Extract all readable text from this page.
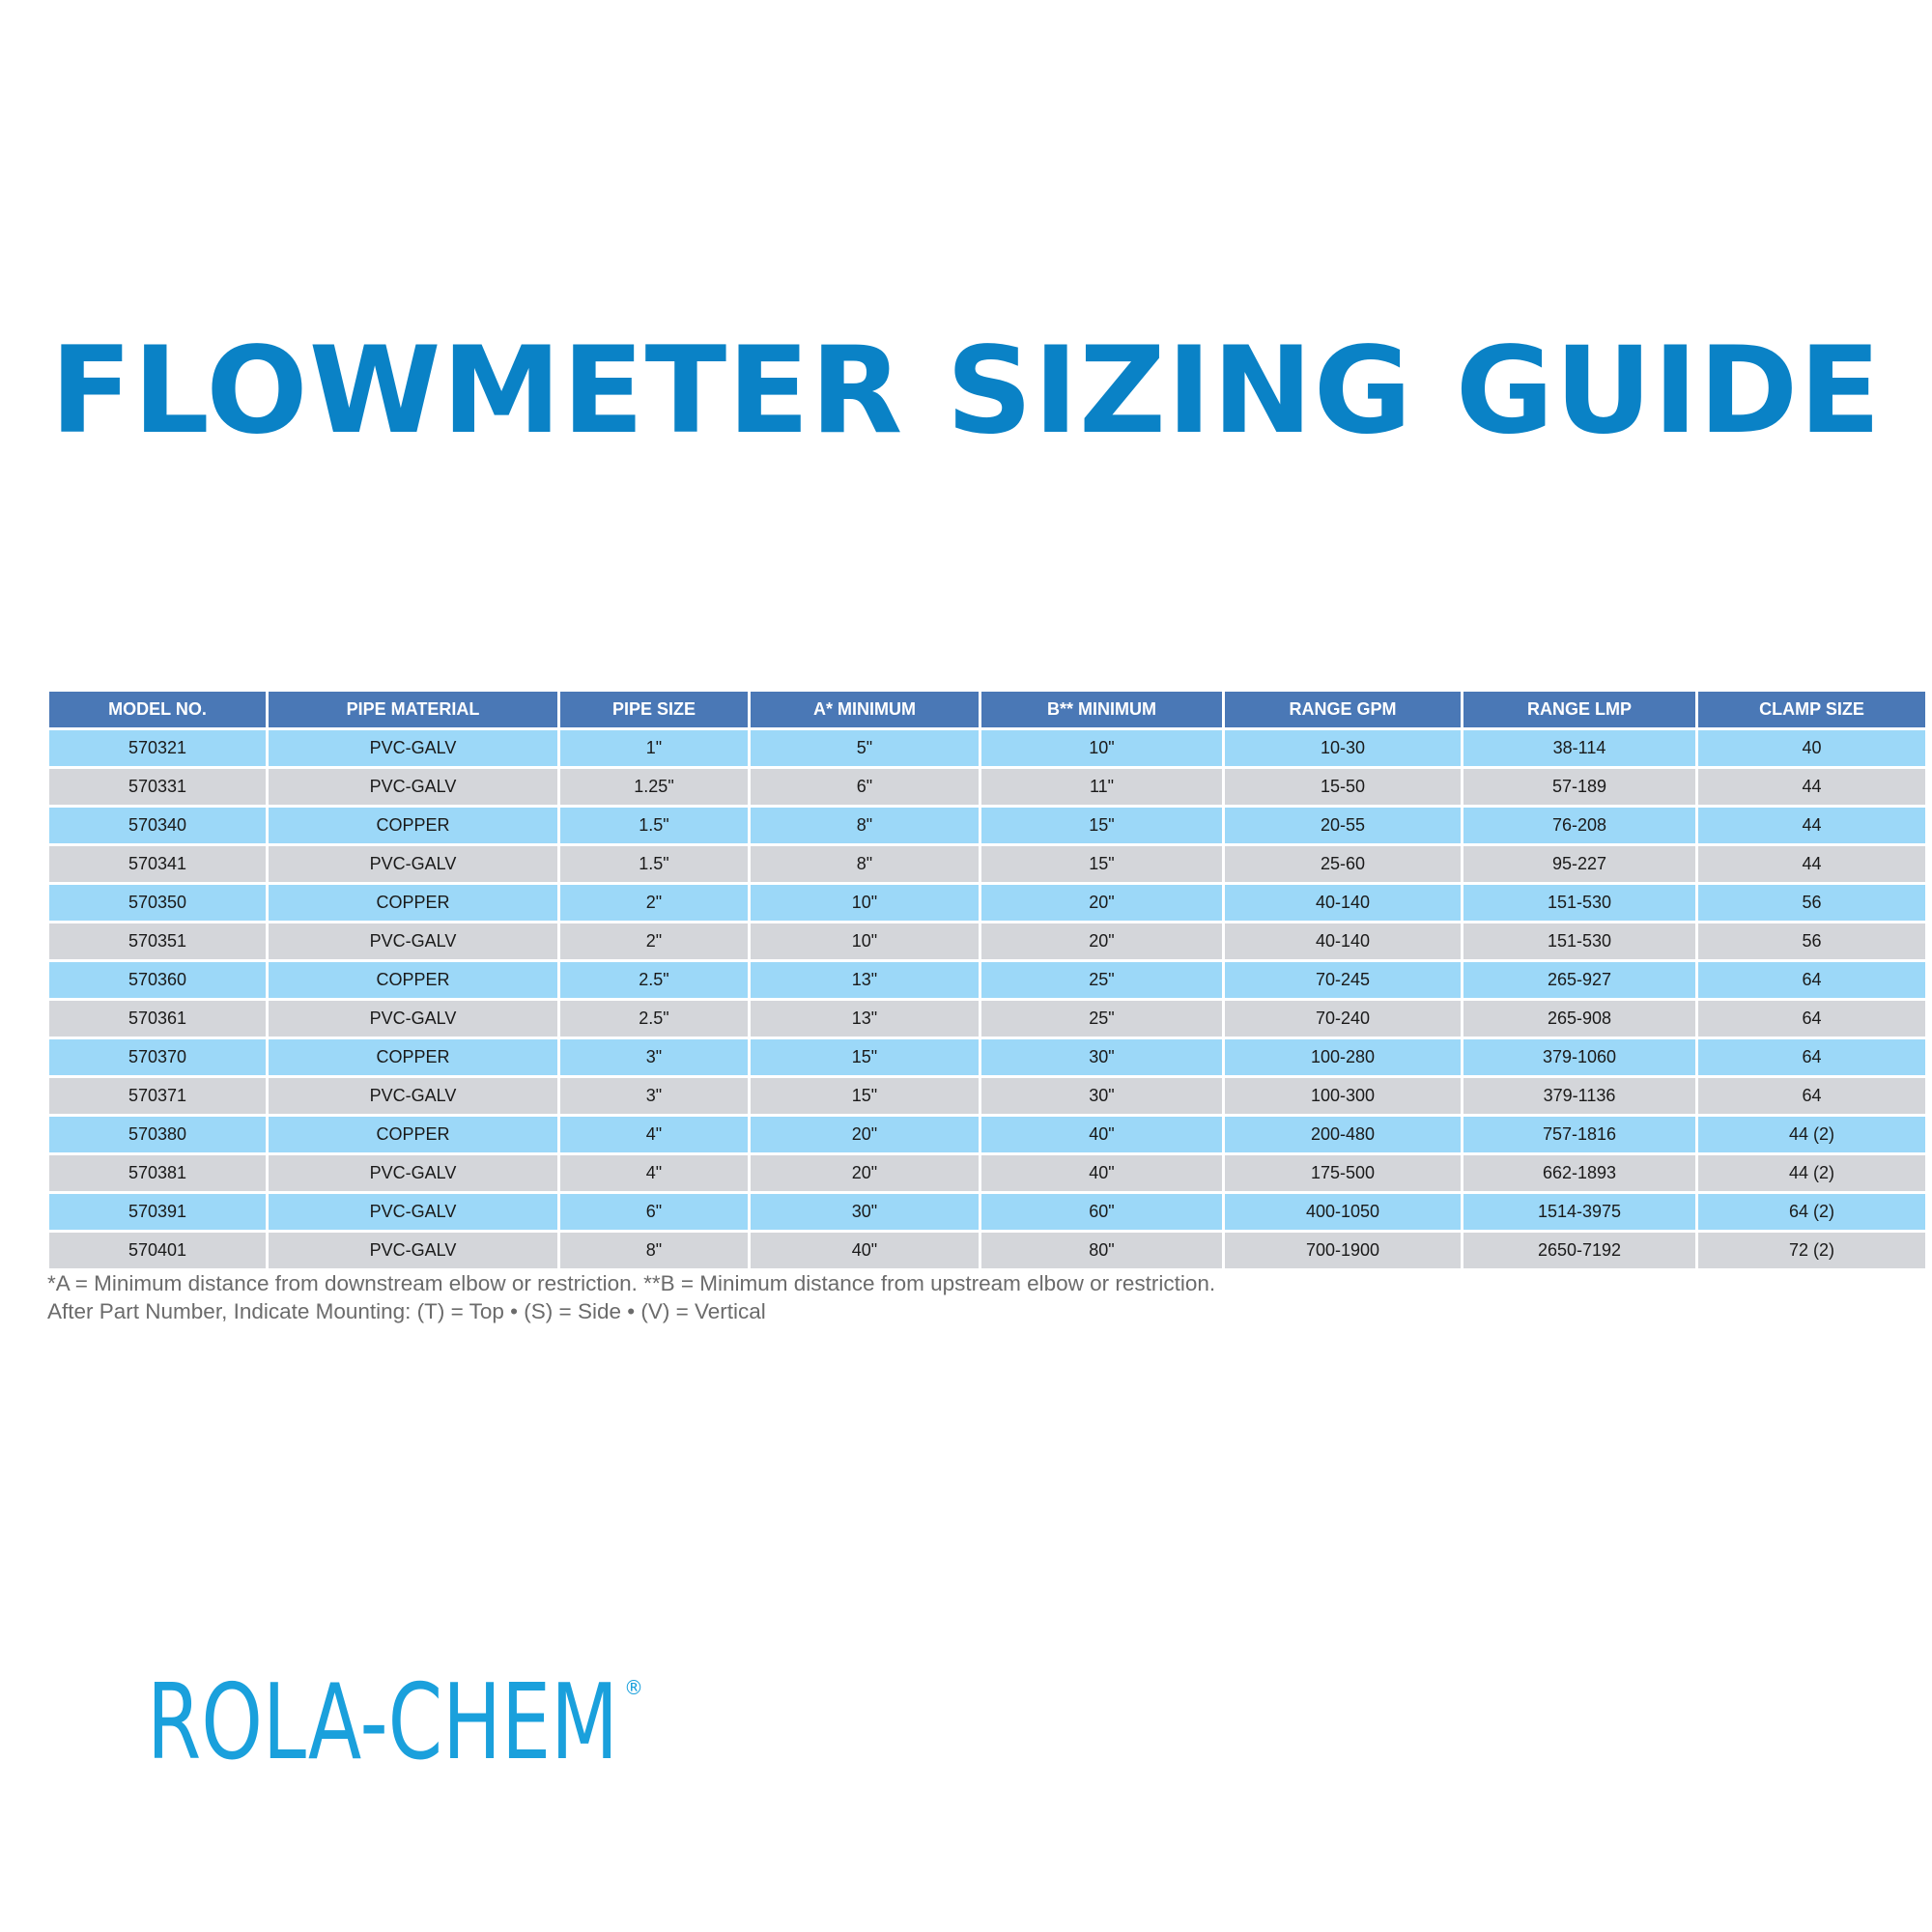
FLOWMETER SIZING GUIDE
MODEL NO.	PIPE MATERIAL	PIPE SIZE	A* MINIMUM	B** MINIMUM	RANGE GPM	RANGE LMP	CLAMP SIZE
570321	PVC-GALV	1"	5"	10"	10-30	38-114	40
570331	PVC-GALV	1.25"	6"	11"	15-50	57-189	44
570340	COPPER	1.5"	8"	15"	20-55	76-208	44
570341	PVC-GALV	1.5"	8"	15"	25-60	95-227	44
570350	COPPER	2"	10"	20"	40-140	151-530	56
570351	PVC-GALV	2"	10"	20"	40-140	151-530	56
570360	COPPER	2.5"	13"	25"	70-245	265-927	64
570361	PVC-GALV	2.5"	13"	25"	70-240	265-908	64
570370	COPPER	3"	15"	30"	100-280	379-1060	64
570371	PVC-GALV	3"	15"	30"	100-300	379-1136	64
570380	COPPER	4"	20"	40"	200-480	757-1816	44 (2)
570381	PVC-GALV	4"	20"	40"	175-500	662-1893	44 (2)
570391	PVC-GALV	6"	30"	60"	400-1050	1514-3975	64 (2)
570401	PVC-GALV	8"	40"	80"	700-1900	2650-7192	72 (2)
*A = Minimum distance from downstream elbow or restriction. **B = Minimum distance from upstream elbow or restriction.
After Part Number, Indicate Mounting: (T) = Top • (S) = Side • (V) = Vertical
ROLA-CHEM ®
